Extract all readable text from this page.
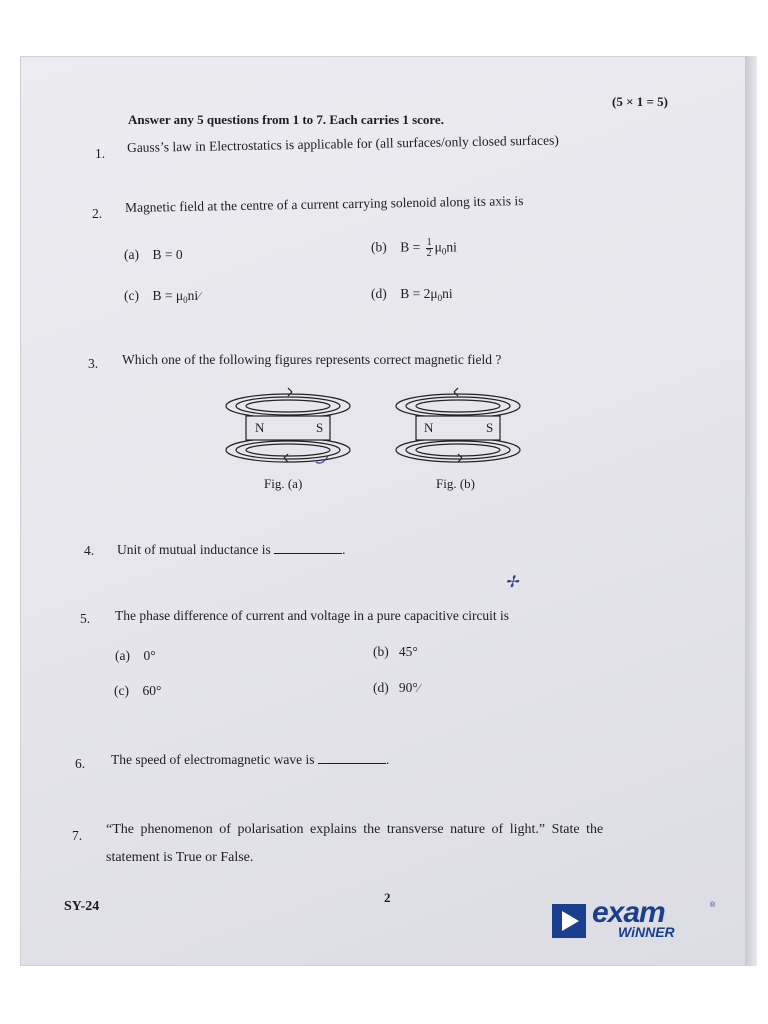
(5 × 1 = 5)
Answer any 5 questions from 1 to 7. Each carries 1 score.
1. Gauss’s law in Electrostatics is applicable for (all surfaces/only closed surfaces)
2. Magnetic field at the centre of a current carrying solenoid along its axis is
(a) B = 0	(b) $B = \frac{1}{2} \mu_0ni$
(c) $B = \mu_0ni∕$	(d) $B = 2\mu_0ni$
3. Which one of the following figures represents correct magnetic field ?
N	S
Fig. (a)
N	S
Fig. (b)
4. Unit of mutual inductance is	.
✢
5. The phase difference of current and voltage in a pure capacitive circuit is
(a) 0°	(b) 45°
(c) 60°	(d) 90°∕
6. The speed of electromagnetic wave is	.
7. “The phenomenon of polarisation explains the transverse nature of light.” State the
statement is True or False.
SY-24
2	exam
WiNNER
®
